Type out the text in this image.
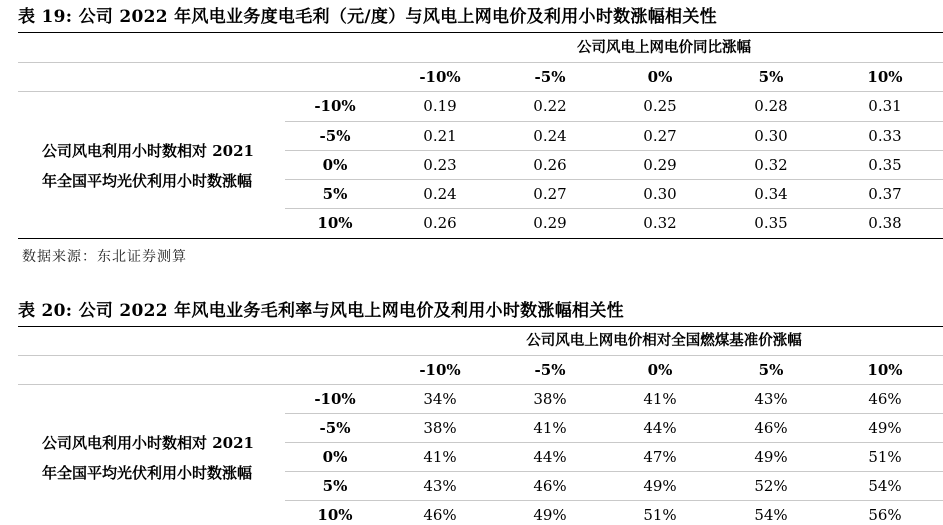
表 19: 公司 2022 年风电业务度电毛利（元/度）与风电上网电价及利用小时数涨幅相关性
公司风电上网电价同比涨幅
-10%	-5%	0%	5%	10%
公司风电利用小时数相对 2021
年全国平均光伏利用小时数涨幅
-10%	0.19	0.22	0.25	0.28	0.31
-5%	0.21	0.24	0.27	0.30	0.33
0%	0.23	0.26	0.29	0.32	0.35
5%	0.24	0.27	0.30	0.34	0.37
10%	0.26	0.29	0.32	0.35	0.38
数据来源：东北证券测算
表 20: 公司 2022 年风电业务毛利率与风电上网电价及利用小时数涨幅相关性
公司风电上网电价相对全国燃煤基准价涨幅
-10%	-5%	0%	5%	10%
公司风电利用小时数相对 2021
年全国平均光伏利用小时数涨幅
-10%	34%	38%	41%	43%	46%
-5%	38%	41%	44%	46%	49%
0%	41%	44%	47%	49%	51%
5%	43%	46%	49%	52%	54%
10%	46%	49%	51%	54%	56%
